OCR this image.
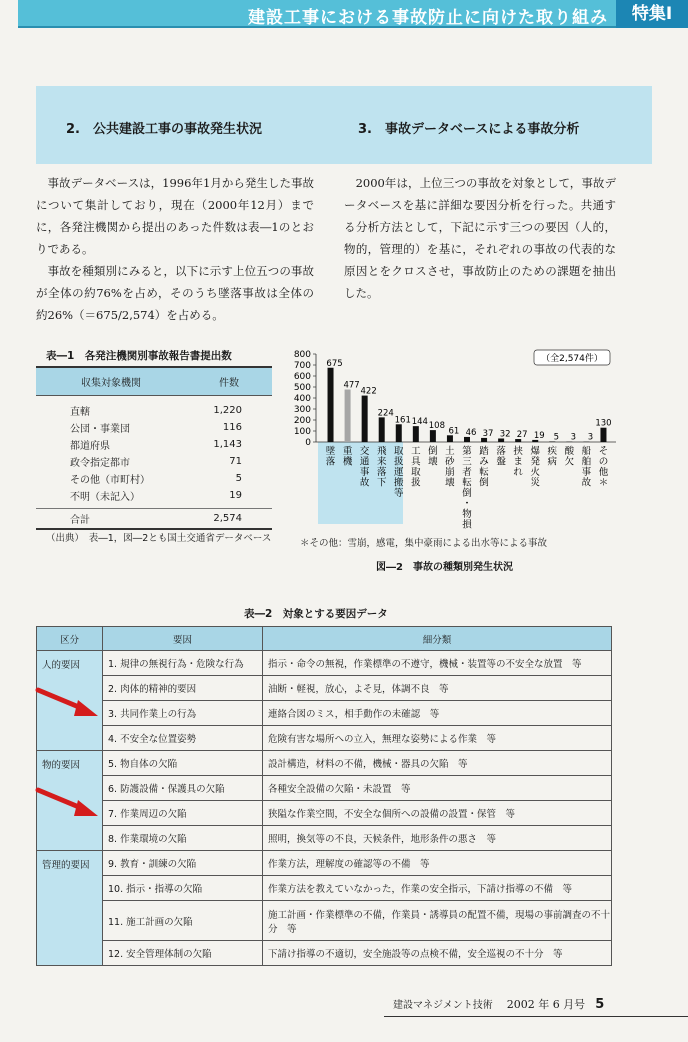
建設工事における事故防止に向けた取り組み	特集Ⅰ
2.　公共建設工事の事故発生状況	3.　事故データベースによる事故分析

　事故データベースは，1996年1月から発生した事故について集計しており，現在（2000年12月）までに，各発注機関から提出のあった件数は表―1のとおりである。

　事故を種類別にみると，以下に示す上位五つの事故が全体の約76%を占め，そのうち墜落事故は全体の約26%（＝675/2,574）を占める。

　2000年は，上位三つの事故を対象として，事故データベースを基に詳細な要因分析を行った。共通する分析方法として，下記に示す三つの要因（人的，物的，管理的）を基に，それぞれの事故の代表的な原因とをクロスさせ，事故防止のための課題を抽出した。

表―1　各発注機関別事故報告書提出数
収集対象機関	件数
直轄	1,220
公団・事業団	116
都道府県	1,143
政令指定都市	71
その他（市町村）	5
不明（未記入）	19
合計	2,574
（出典）　表―1，図―2とも国土交通省データベース
0
100
200
300
400
500
600
700
800	（全2,574件）
675
墜落
477
重機
422
交通事故
224
飛来落下
161
取扱運搬等
144
工具取扱
108
倒壊
61
土砂崩壊
46
第三者転倒・物損
37
踏み転倒
32
落盤
27
挟まれ
19
爆発火災
5
疾病
3
酸欠
3
船舶事故
130
その他＊
＊その他：雪崩，感電，集中豪雨による出水等による事故
図―2　事故の種類別発生状況
表―2　対象とする要因データ
区分	要因	細分類
人的要因	1. 規律の無視行為・危険な行為	指示・命令の無視，作業標準の不遵守，機械・装置等の不安全な放置　等
	2. 肉体的精神的要因	油断・軽視，放心，よそ見，体調不良　等
	3. 共同作業上の行為	連絡合図のミス，相手動作の未確認　等
	4. 不安全な位置姿勢	危険有害な場所への立入，無理な姿勢による作業　等
物的要因	5. 物自体の欠陥	設計構造，材料の不備，機械・器具の欠陥　等
	6. 防護設備・保護具の欠陥	各種安全設備の欠陥・未設置　等
	7. 作業周辺の欠陥	狭隘な作業空間，不安全な個所への設備の設置・保管　等
	8. 作業環境の欠陥	照明，換気等の不良，天候条件，地形条件の悪さ　等
管理的要因	9. 教育・訓練の欠陥	作業方法，理解度の確認等の不備　等
	10. 指示・指導の欠陥	作業方法を教えていなかった，作業の安全指示，下請け指導の不備　等
	11. 施工計画の欠陥	施工計画・作業標準の不備，作業員・誘導員の配置不備，現場の事前調査の不十分　等
	12. 安全管理体制の欠陥	下請け指導の不適切，安全施設等の点検不備，安全巡視の不十分　等
建設マネジメント技術 2002 年 6 月号 5
